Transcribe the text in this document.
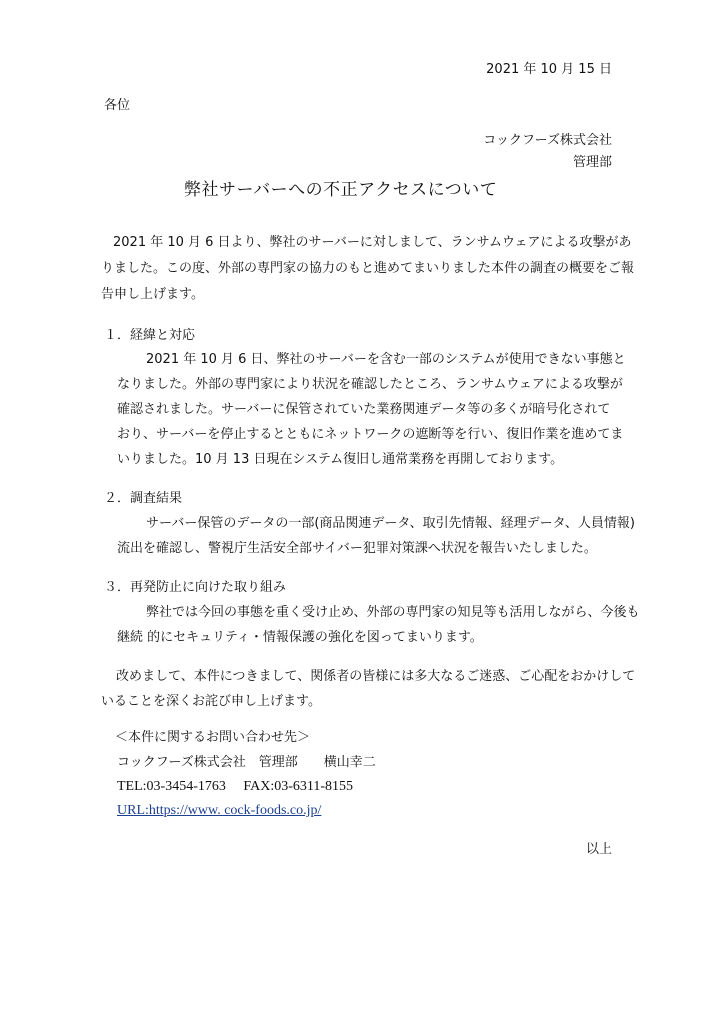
2021 年 10 月 15 日

各位

コックフーズ株式会社

管理部

弊社サーバーへの不正アクセスについて

2021 年 10 月 6 日より、弊社のサーバーに対しまして、ランサムウェアによる攻撃があ

りました。この度、外部の専門家の協力のもと進めてまいりました本件の調査の概要をご報

告申し上げます。

１．経緯と対応

2021 年 10 月 6 日、弊社のサーバーを含む一部のシステムが使用できない事態と

なりました。外部の専門家により状況を確認したところ、ランサムウェアによる攻撃が

確認されました。サーバーに保管されていた業務関連データ等の多くが暗号化されて

おり、サーバーを停止するとともにネットワークの遮断等を行い、復旧作業を進めてま

いりました。10 月 13 日現在システム復旧し通常業務を再開しております。

２．調査結果

サーバー保管のデータの一部(商品関連データ、取引先情報、経理データ、人員情報)

流出を確認し、警視庁生活安全部サイバー犯罪対策課へ状況を報告いたしました。

３．再発防止に向けた取り組み

弊社では今回の事態を重く受け止め、外部の専門家の知見等も活用しながら、今後も

継続 的にセキュリティ・情報保護の強化を図ってまいります。

改めまして、本件につきまして、関係者の皆様には多大なるご迷惑、ご心配をおかけして

いることを深くお詫び申し上げます。

＜本件に関するお問い合わせ先＞

コックフーズ株式会社　管理部　　横山幸二

TEL:03-3454-1763　 FAX:03-6311-8155

URL:https://www. cock-foods.co.jp/

以上
